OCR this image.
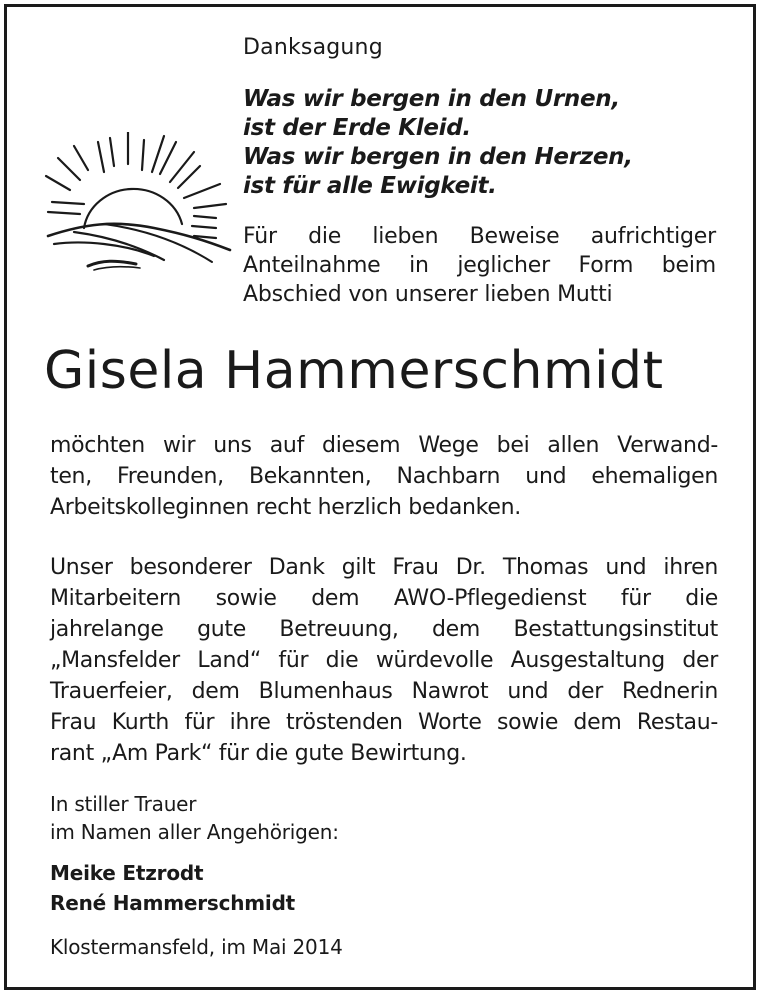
Danksagung
Was wir bergen in den Urnen,
ist der Erde Kleid.
Was wir bergen in den Herzen,
ist für alle Ewigkeit.
Für die lieben Beweise aufrichtiger
Anteilnahme in jeglicher Form beim
Abschied von unserer lieben Mutti
Gisela Hammerschmidt
möchten wir uns auf diesem Wege bei allen Verwand-
ten, Freunden, Bekannten, Nachbarn und ehemaligen
Arbeitskolleginnen recht herzlich bedanken.
Unser besonderer Dank gilt Frau Dr. Thomas und ihren
Mitarbeitern sowie dem AWO-Pflegedienst für die
jahrelange gute Betreuung, dem Bestattungsinstitut
„Mansfelder Land“ für die würdevolle Ausgestaltung der
Trauerfeier, dem Blumenhaus Nawrot und der Rednerin
Frau Kurth für ihre tröstenden Worte sowie dem Restau-
rant „Am Park“ für die gute Bewirtung.
In stiller Trauer
im Namen aller Angehörigen:
Meike Etzrodt
René Hammerschmidt
Klostermansfeld, im Mai 2014
